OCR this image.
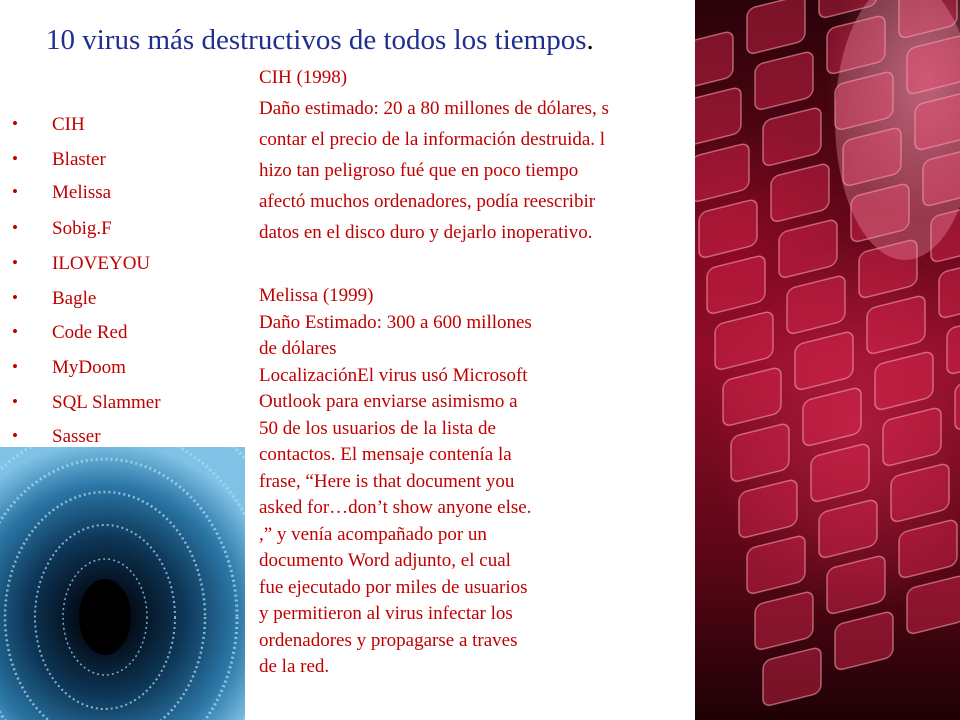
10 virus más destructivos de todos los tiempos.
• CIH
• Blaster
• Melissa
• Sobig.F
• ILOVEYOU
• Bagle
• Code Red
• MyDoom
• SQL Slammer
• Sasser
CIH (1998)
Daño estimado: 20 a 80 millones de dólares, s
contar el precio de la información destruida. l
hizo tan peligroso fué que en poco tiempo
afectó muchos ordenadores, podía reescribir
datos en el disco duro y dejarlo inoperativo.
Melissa (1999)
Daño Estimado: 300 a 600 millones
de dólares
LocalizaciónEl virus usó Microsoft
Outlook para enviarse asimismo a
50 de los usuarios de la lista de
contactos. El mensaje contenía la
frase, “Here is that document you
asked for…don’t show anyone else.
,” y venía acompañado por un
documento Word adjunto, el cual
fue ejecutado por miles de usuarios
y permitieron al virus infectar los
ordenadores y propagarse a traves
de la red.
